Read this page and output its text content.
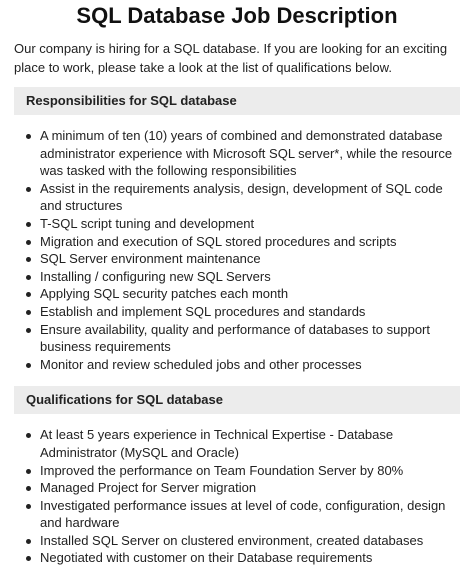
SQL Database Job Description

Our company is hiring for a SQL database. If you are looking for an exciting place to work, please take a look at the list of qualifications below.

Responsibilities for SQL database
A minimum of ten (10) years of combined and demonstrated database administrator experience with Microsoft SQL server*, while the resource was tasked with the following responsibilities
Assist in the requirements analysis, design, development of SQL code and structures
T-SQL script tuning and development
Migration and execution of SQL stored procedures and scripts
SQL Server environment maintenance
Installing / configuring new SQL Servers
Applying SQL security patches each month
Establish and implement SQL procedures and standards
Ensure availability, quality and performance of databases to support business requirements
Monitor and review scheduled jobs and other processes
Qualifications for SQL database
At least 5 years experience in Technical Expertise - Database Administrator (MySQL and Oracle)
Improved the performance on Team Foundation Server by 80%
Managed Project for Server migration
Investigated performance issues at level of code, configuration, design and hardware
Installed SQL Server on clustered environment, created databases
Negotiated with customer on their Database requirements
